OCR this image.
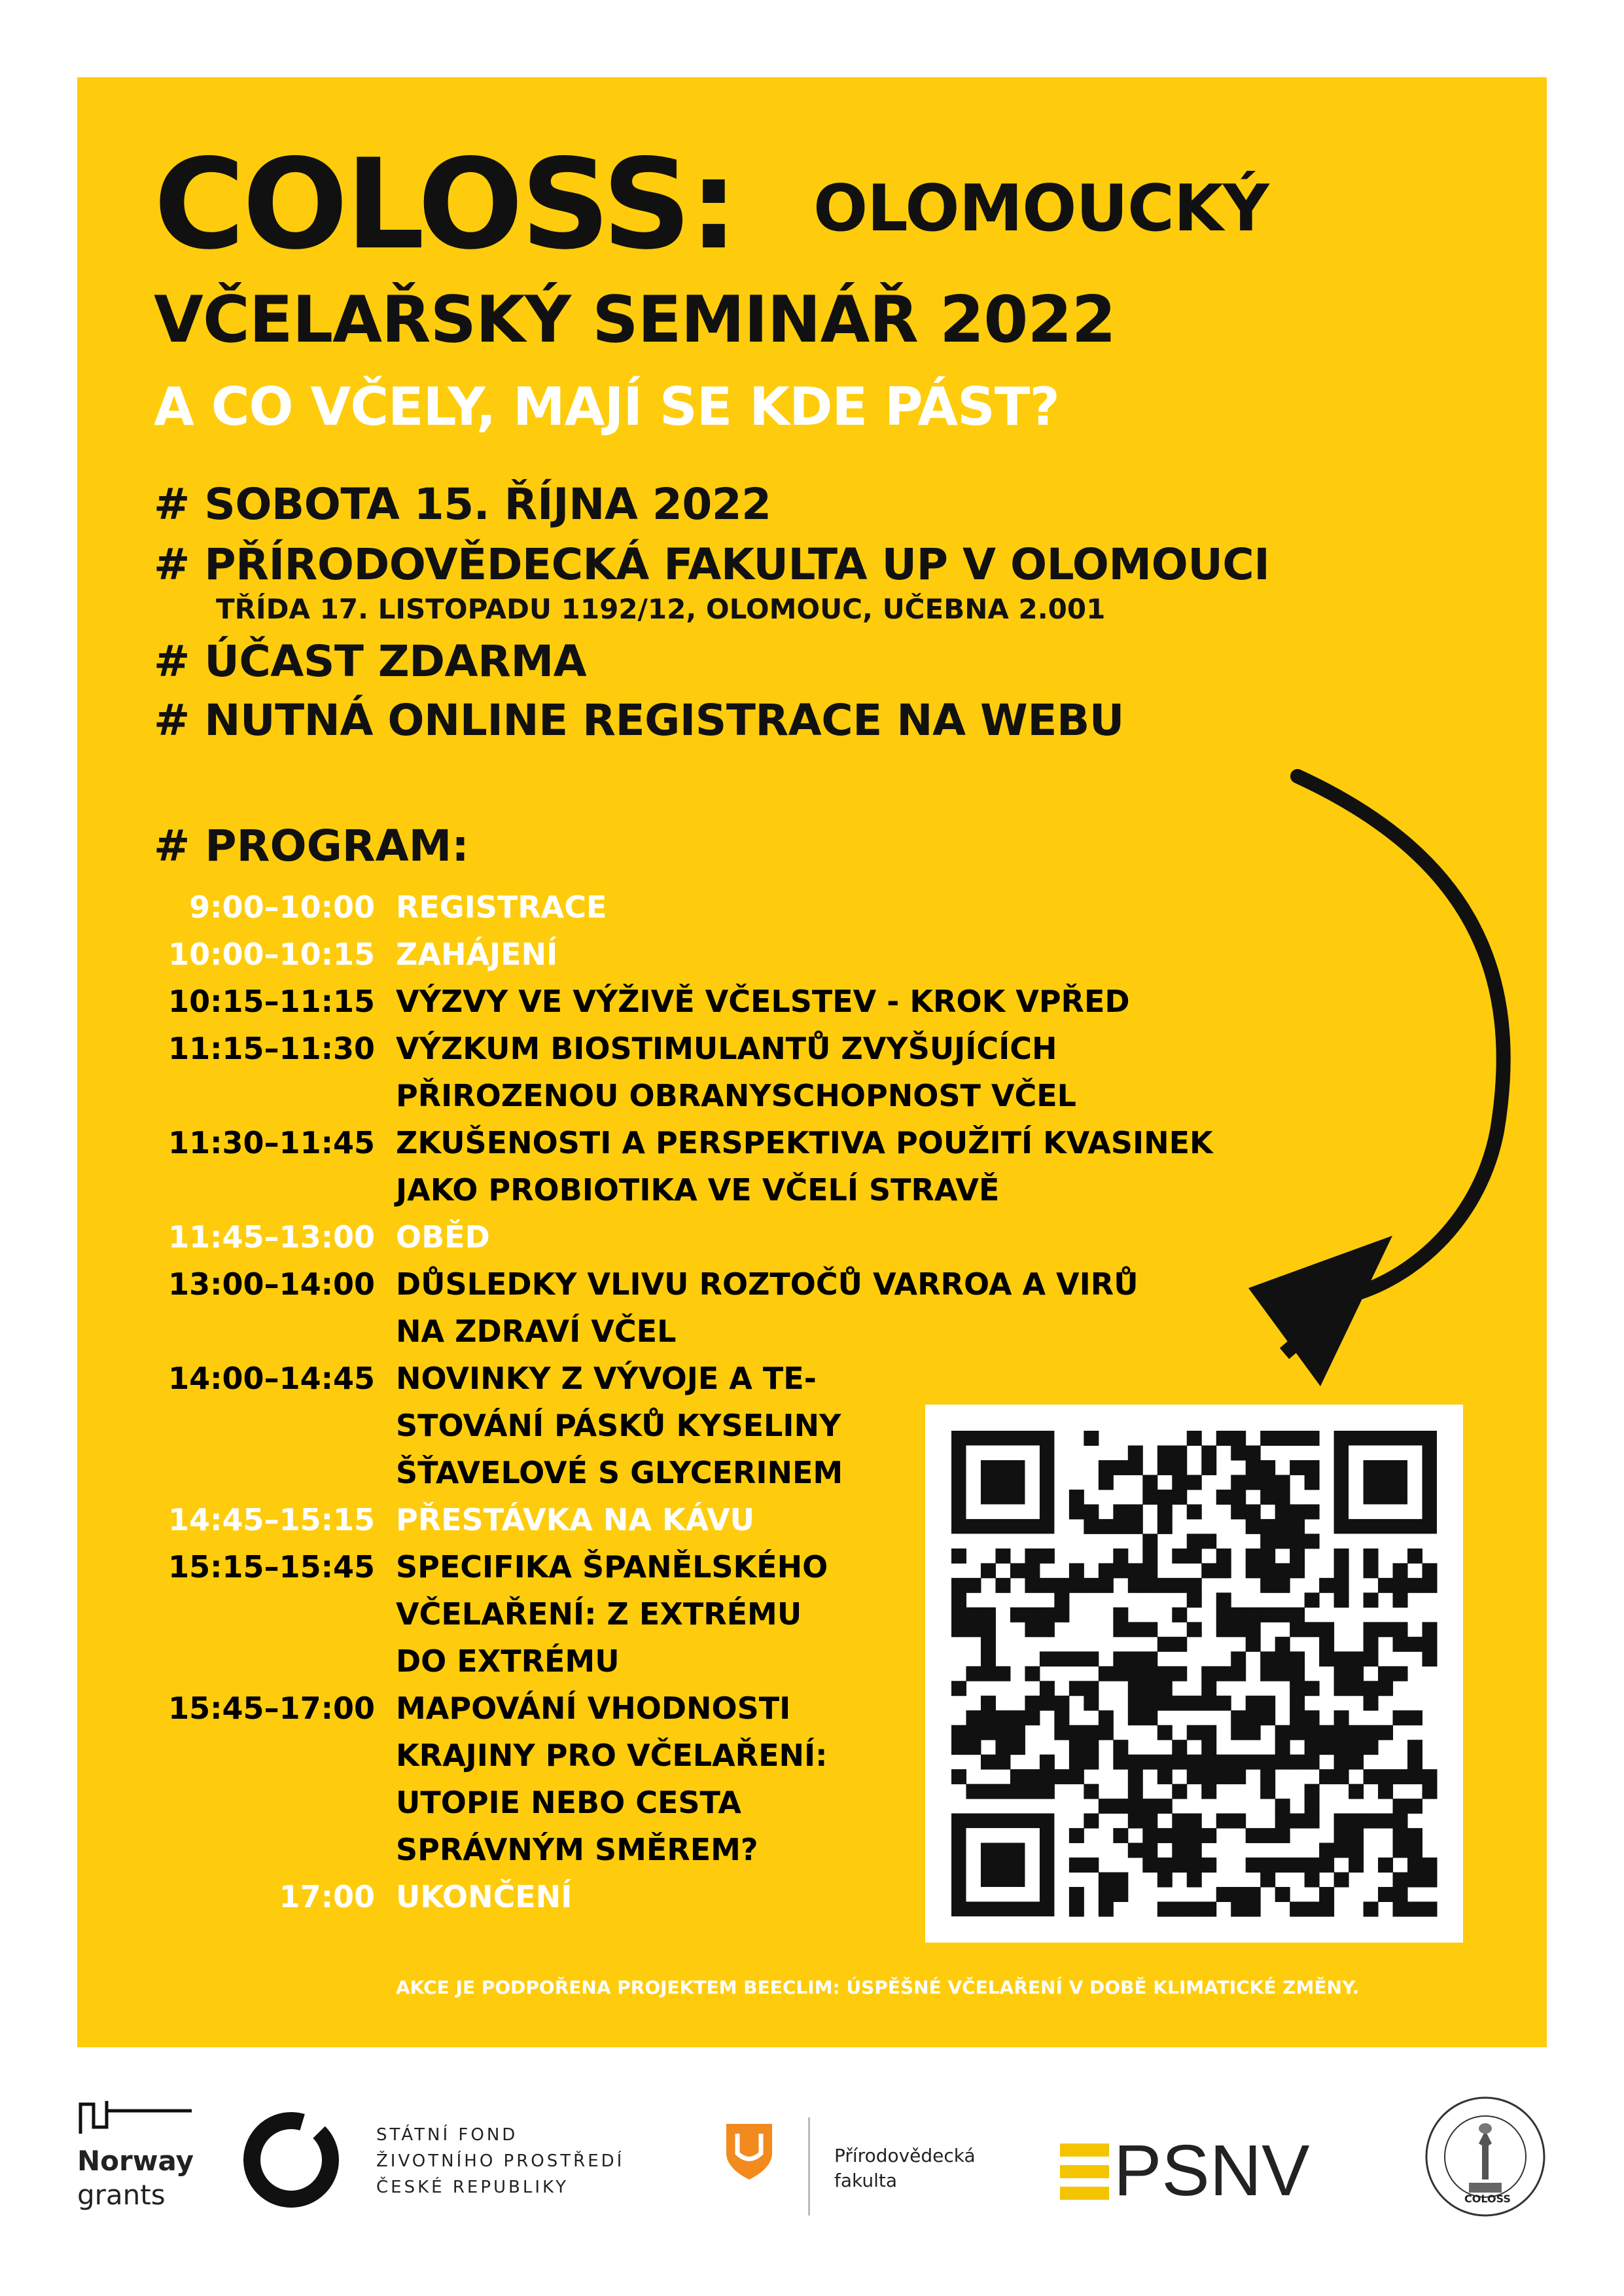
COLOSS: OLOMOUCKÝ
VČELAŘSKÝ SEMINÁŘ 2022
A CO VČELY, MAJÍ SE KDE PÁST?
# SOBOTA 15. ŘÍJNA 2022
# PŘÍRODOVĚDECKÁ FAKULTA UP V OLOMOUCI
TŘÍDA 17. LISTOPADU 1192/12, OLOMOUC, UČEBNA 2.001
# ÚČAST ZDARMA
# NUTNÁ ONLINE REGISTRACE NA WEBU
# PROGRAM:
9:00–10:00 REGISTRACE
10:00–10:15 ZAHÁJENÍ
10:15–11:15 VÝZVY VE VÝŽIVĚ VČELSTEV - KROK VPŘED
11:15–11:30 VÝZKUM BIOSTIMULANTŮ ZVYŠUJÍCÍCH
PŘIROZENOU OBRANYSCHOPNOST VČEL
11:30–11:45 ZKUŠENOSTI A PERSPEKTIVA POUŽITÍ KVASINEK
JAKO PROBIOTIKA VE VČELÍ STRAVĚ
11:45–13:00 OBĚD
13:00–14:00 DŮSLEDKY VLIVU ROZTOČŮ VARROA A VIRŮ
NA ZDRAVÍ VČEL
14:00–14:45 NOVINKY Z VÝVOJE A TE-
STOVÁNÍ PÁSKŮ KYSELINY
ŠŤAVELOVÉ S GLYCERINEM
14:45–15:15 PŘESTÁVKA NA KÁVU
15:15–15:45 SPECIFIKA ŠPANĚLSKÉHO
VČELAŘENÍ: Z EXTRÉMU
DO EXTRÉMU
15:45–17:00 MAPOVÁNÍ VHODNOSTI
KRAJINY PRO VČELAŘENÍ:
UTOPIE NEBO CESTA
SPRÁVNÝM SMĚREM?
17:00 UKONČENÍ
AKCE JE PODPOŘENA PROJEKTEM BEECLIM: ÚSPĚŠNÉ VČELAŘENÍ V DOBĚ KLIMATICKÉ ZMĚNY.
Norway
grants
STÁTNÍ FOND
ŽIVOTNÍHO PROSTŘEDÍ
ČESKÉ REPUBLIKY
Přírodovědecká
fakulta	PSNV	COLOSS
